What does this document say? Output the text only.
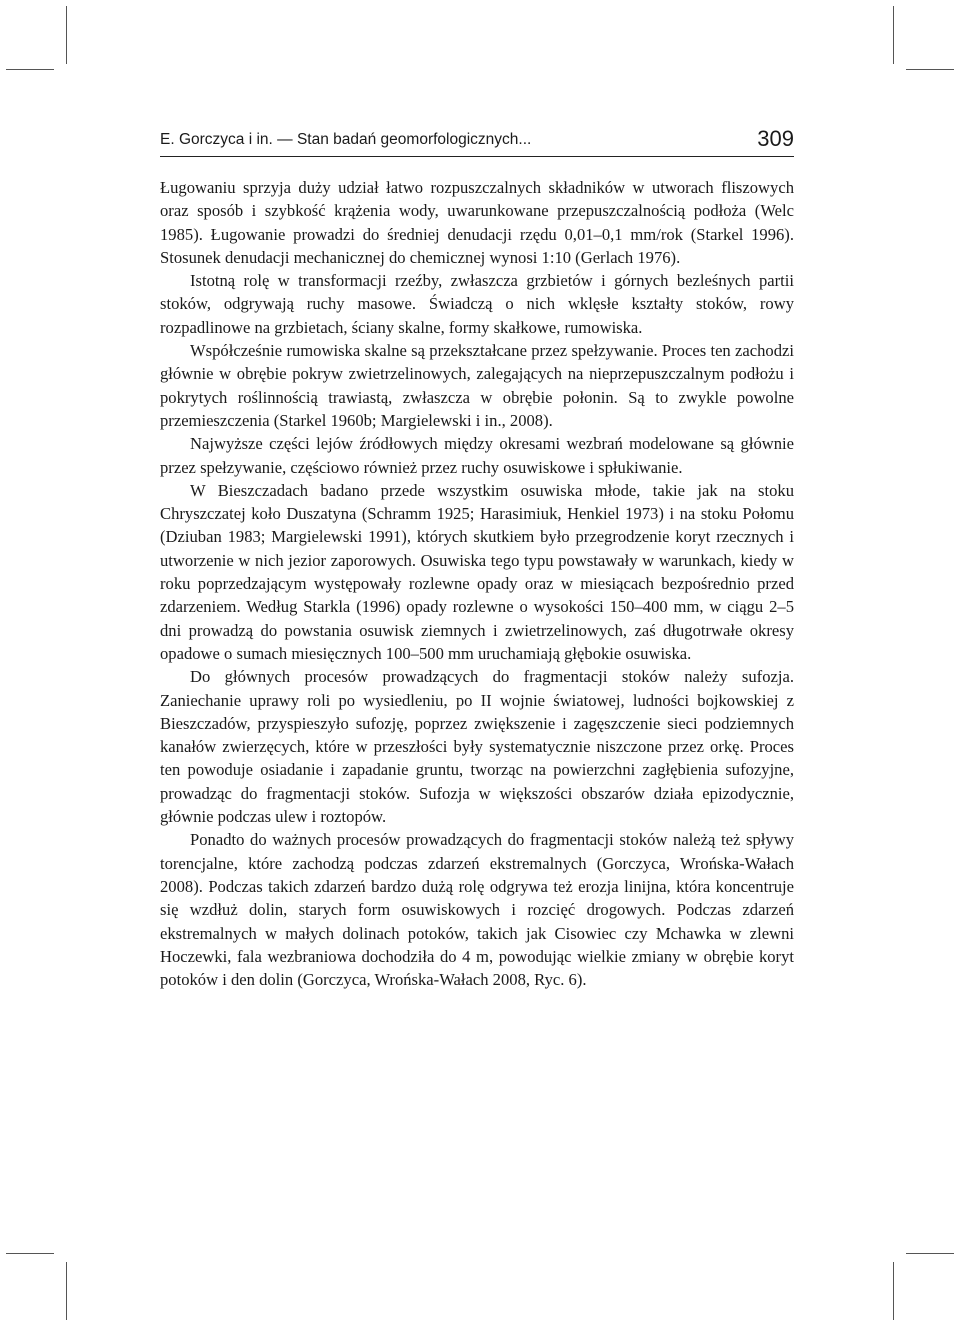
E. Gorczyca i in. — Stan badań geomorfologicznych...	309

Ługowaniu sprzyja duży udział łatwo rozpuszczalnych składników w utworach fliszowych oraz sposób i szybkość krążenia wody, uwarunkowane przepuszczalnością podłoża (Welc 1985). Ługowanie prowadzi do średniej denudacji rzędu 0,01–0,1 mm/rok (Starkel 1996). Stosunek denudacji mechanicznej do chemicznej wynosi 1:10 (Gerlach 1976).

Istotną rolę w transformacji rzeźby, zwłaszcza grzbietów i górnych bezleśnych partii stoków, odgrywają ruchy masowe. Świadczą o nich wklęsłe kształty stoków, rowy rozpadlinowe na grzbietach, ściany skalne, formy skałkowe, rumowiska.

Współcześnie rumowiska skalne są przekształcane przez spełzywanie. Proces ten zachodzi głównie w obrębie pokryw zwietrzelinowych, zalegających na nieprzepuszczalnym podłożu i pokrytych roślinnością trawiastą, zwłaszcza w obrębie połonin. Są to zwykle powolne przemieszczenia (Starkel 1960b; Margielewski i in., 2008).

Najwyższe części lejów źródłowych między okresami wezbrań modelowane są głównie przez spełzywanie, częściowo również przez ruchy osuwiskowe i spłukiwanie.

W Bieszczadach badano przede wszystkim osuwiska młode, takie jak na stoku Chryszczatej koło Duszatyna (Schramm 1925; Harasimiuk, Henkiel 1973) i na stoku Połomu (Dziuban 1983; Margielewski 1991), których skutkiem było przegrodzenie koryt rzecznych i utworzenie w nich jezior zaporowych. Osuwiska tego typu powstawały w warunkach, kiedy w roku poprzedzającym występowały rozlewne opady oraz w miesiącach bezpośrednio przed zdarzeniem. Według Starkla (1996) opady rozlewne o wysokości 150–400 mm, w ciągu 2–5 dni prowadzą do powstania osuwisk ziemnych i zwietrzelinowych, zaś długotrwałe okresy opadowe o sumach miesięcznych 100–500 mm uruchamiają głębokie osuwiska.

Do głównych procesów prowadzących do fragmentacji stoków należy sufozja. Zaniechanie uprawy roli po wysiedleniu, po II wojnie światowej, ludności bojkowskiej z Bieszczadów, przyspieszyło sufozję, poprzez zwiększenie i zagęszczenie sieci podziemnych kanałów zwierzęcych, które w przeszłości były systematycznie niszczone przez orkę. Proces ten powoduje osiadanie i zapadanie gruntu, tworząc na powierzchni zagłębienia sufozyjne, prowadząc do fragmentacji stoków. Sufozja w większości obszarów działa epizodycznie, głównie podczas ulew i roztopów.

Ponadto do ważnych procesów prowadzących do fragmentacji stoków należą też spływy torencjalne, które zachodzą podczas zdarzeń ekstremalnych (Gorczyca, Wrońska-Wałach 2008). Podczas takich zdarzeń bardzo dużą rolę odgrywa też erozja linijna, która koncentruje się wzdłuż dolin, starych form osuwiskowych i rozcięć drogowych. Podczas zdarzeń ekstremalnych w małych dolinach potoków, takich jak Cisowiec czy Mchawka w zlewni Hoczewki, fala wezbraniowa dochodziła do 4 m, powodując wielkie zmiany w obrębie koryt potoków i den dolin (Gorczyca, Wrońska-Wałach 2008, Ryc. 6).
